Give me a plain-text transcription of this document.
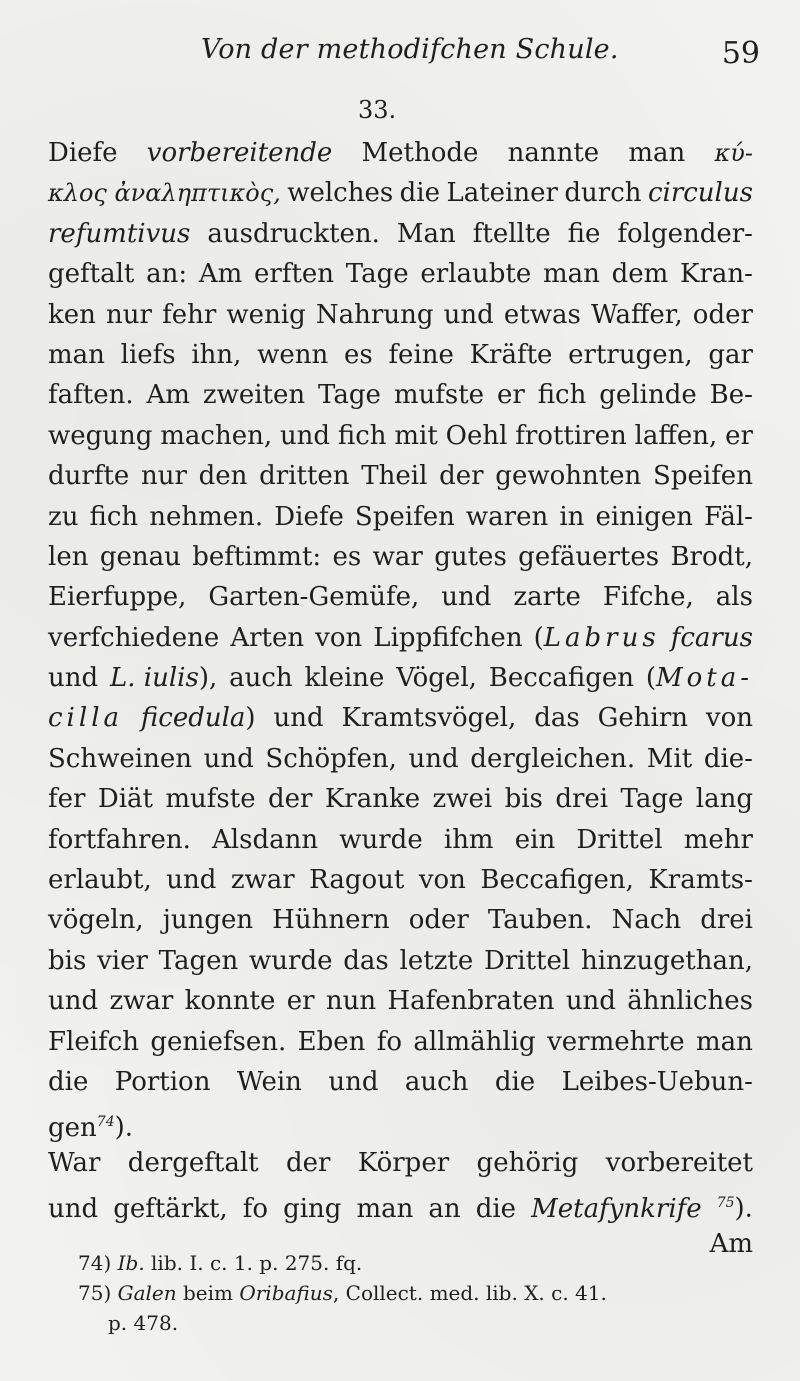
Von der methodifchen Schule.	59
33.
Diefe vorbereitende Methode nannte man κύ-
κλος ἀναληπτικὸς, welches die Lateiner durch circulus
refumtivus ausdruckten. Man ftellte fie folgender-
geftalt an: Am erften Tage erlaubte man dem Kran-
ken nur fehr wenig Nahrung und etwas Waffer, oder
man liefs ihn, wenn es feine Kräfte ertrugen, gar
faften. Am zweiten Tage mufste er fich gelinde Be-
wegung machen, und fich mit Oehl frottiren laffen, er
durfte nur den dritten Theil der gewohnten Speifen
zu fich nehmen. Diefe Speifen waren in einigen Fäl-
len genau beftimmt: es war gutes gefäuertes Brodt,
Eierfuppe, Garten-Gemüfe, und zarte Fifche, als
verfchiedene Arten von Lippfifchen (Labrus fcarus
und L. iulis), auch kleine Vögel, Beccafigen (Mota-
cilla ficedula) und Kramtsvögel, das Gehirn von
Schweinen und Schöpfen, und dergleichen. Mit die-
fer Diät mufste der Kranke zwei bis drei Tage lang
fortfahren. Alsdann wurde ihm ein Drittel mehr
erlaubt, und zwar Ragout von Beccafigen, Kramts-
vögeln, jungen Hühnern oder Tauben. Nach drei
bis vier Tagen wurde das letzte Drittel hinzugethan,
und zwar konnte er nun Hafenbraten und ähnliches
Fleifch geniefsen. Eben fo allmählig vermehrte man
die Portion Wein und auch die Leibes-Uebun-
gen $^{74}$).
War dergeftalt der Körper gehörig vorbereitet
und geftärkt, fo ging man an die Metafynkrife $^{75}$).
Am
74) Ib. lib. I. c. 1. p. 275. fq.
75) Galen beim Oribafius, Collect. med. lib. X. c. 41.
p. 478.
